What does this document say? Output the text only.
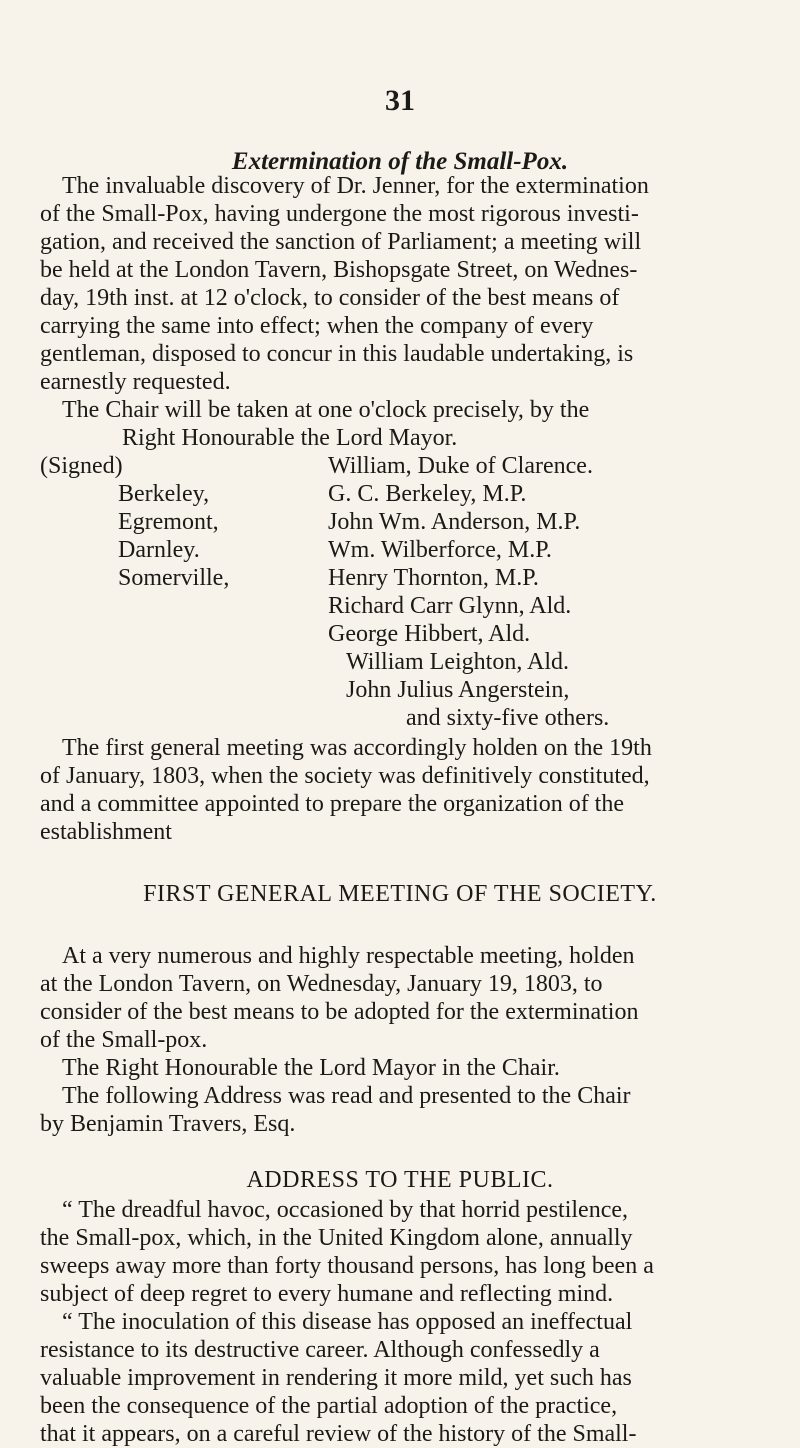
31
Extermination of the Small-Pox.
The invaluable discovery of Dr. Jenner, for the extermination
of the Small-Pox, having undergone the most rigorous investi-
gation, and received the sanction of Parliament; a meeting will
be held at the London Tavern, Bishopsgate Street, on Wednes-
day, 19th inst. at 12 o'clock, to consider of the best means of
carrying the same into effect; when the company of every
gentleman, disposed to concur in this laudable undertaking, is
earnestly requested.
The Chair will be taken at one o'clock precisely, by the
Right Honourable the Lord Mayor.
(Signed)
Berkeley,
Egremont,
Darnley.
Somerville,
William, Duke of Clarence.
G. C. Berkeley, M.P.
John Wm. Anderson, M.P.
Wm. Wilberforce, M.P.
Henry Thornton, M.P.
Richard Carr Glynn, Ald.
George Hibbert, Ald.
William Leighton, Ald.
John Julius Angerstein,
and sixty-five others.
The first general meeting was accordingly holden on the 19th
of January, 1803, when the society was definitively constituted,
and a committee appointed to prepare the organization of the
establishment
FIRST GENERAL MEETING OF THE SOCIETY.
At a very numerous and highly respectable meeting, holden
at the London Tavern, on Wednesday, January 19, 1803, to
consider of the best means to be adopted for the extermination
of the Small-pox.
The Right Honourable the Lord Mayor in the Chair.
The following Address was read and presented to the Chair
by Benjamin Travers, Esq.
ADDRESS TO THE PUBLIC.
“ The dreadful havoc, occasioned by that horrid pestilence,
the Small-pox, which, in the United Kingdom alone, annually
sweeps away more than forty thousand persons, has long been a
subject of deep regret to every humane and reflecting mind.
“ The inoculation of this disease has opposed an ineffectual
resistance to its destructive career. Although confessedly a
valuable improvement in rendering it more mild, yet such has
been the consequence of the partial adoption of the practice,
that it appears, on a careful review of the history of the Small-
